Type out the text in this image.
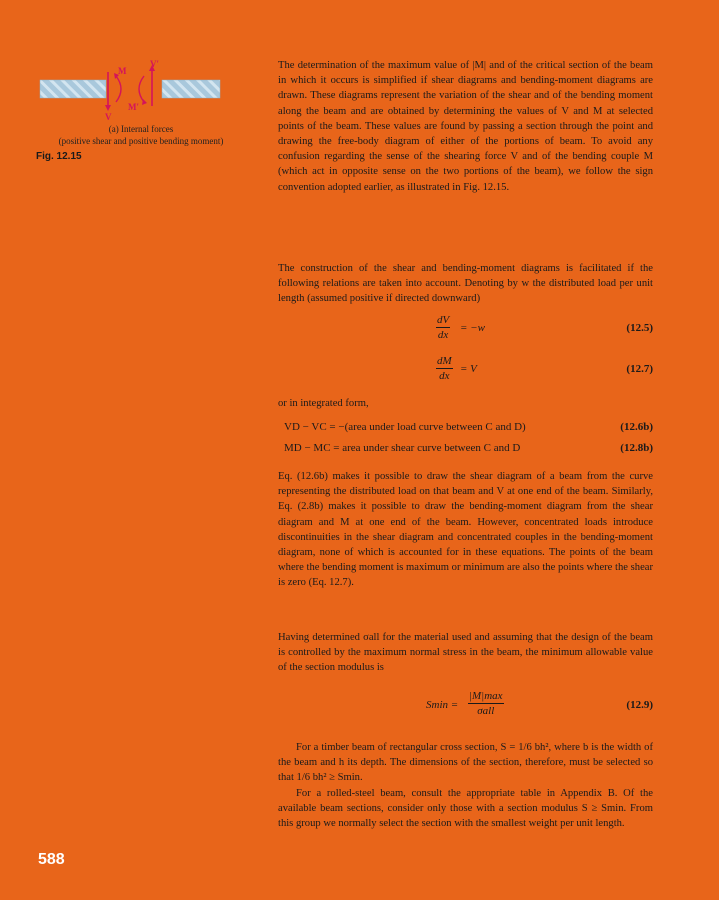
M
V′
M′
V
(a) Internal forces
(positive shear and positive bending moment)
Fig. 12.15

The determination of the maximum value of |M| and of the critical section of the beam in which it occurs is simplified if shear diagrams and bending-moment diagrams are drawn. These diagrams represent the variation of the shear and of the bending moment along the beam and are obtained by determining the values of V and M at selected points of the beam. These values are found by passing a section through the point and drawing the free-body diagram of either of the portions of beam. To avoid any confusion regarding the sense of the shearing force V and of the bending couple M (which act in opposite sense on the two portions of the beam), we follow the sign convention adopted earlier, as illustrated in Fig. 12.15.

The construction of the shear and bending-moment diagrams is facilitated if the following relations are taken into account. Denoting by w the distributed load per unit length (assumed positive if directed downward)

dV
dx
= −w	(12.5)
dM
dx
= V	(12.7)

or in integrated form,

VD − VC = −(area under load curve between C and D)	(12.6b)
MD − MC = area under shear curve between C and D	(12.8b)

Eq. (12.6b) makes it possible to draw the shear diagram of a beam from the curve representing the distributed load on that beam and V at one end of the beam. Similarly, Eq. (2.8b) makes it possible to draw the bending-moment diagram from the shear diagram and M at one end of the beam. However, concentrated loads introduce discontinuities in the shear diagram and concentrated couples in the bending-moment diagram, none of which is accounted for in these equations. The points of the beam where the bending moment is maximum or minimum are also the points where the shear is zero (Eq. 12.7).

Having determined σall for the material used and assuming that the design of the beam is controlled by the maximum normal stress in the beam, the minimum allowable value of the section modulus is

Smin =
|M|max
σall	(12.9)

For a timber beam of rectangular cross section, S = 1/6 bh², where b is the width of the beam and h its depth. The dimensions of the section, therefore, must be selected so that 1/6 bh² ≥ Smin.

For a rolled-steel beam, consult the appropriate table in Appendix B. Of the available beam sections, consider only those with a section modulus S ≥ Smin. From this group we normally select the section with the smallest weight per unit length.

588
